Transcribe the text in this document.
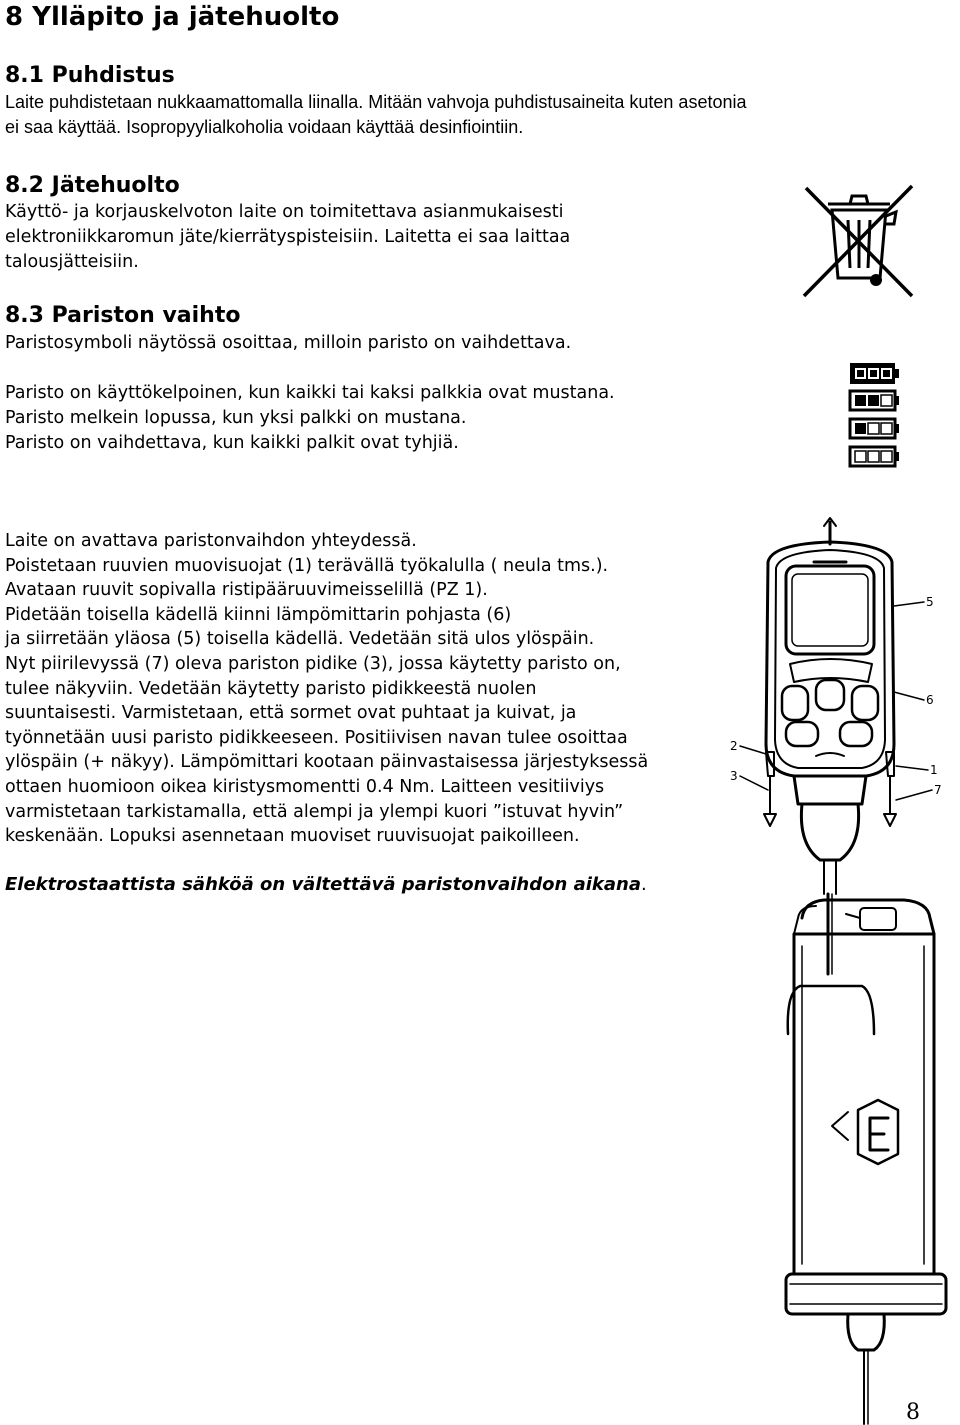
8 Ylläpito ja jätehuolto
8.1 Puhdistus
Laite puhdistetaan nukkaamattomalla liinalla. Mitään vahvoja puhdistusaineita kuten asetonia
ei saa käyttää. Isopropyylialkoholia voidaan käyttää desinfiointiin.
8.2 Jätehuolto
Käyttö- ja korjauskelvoton laite on toimitettava asianmukaisesti
elektroniikkaromun jäte/kierrätyspisteisiin. Laitetta ei saa laittaa
talousjätteisiin.
8.3 Pariston vaihto
Paristosymboli näytössä osoittaa, milloin paristo on vaihdettava.
Paristo on käyttökelpoinen, kun kaikki tai kaksi palkkia ovat mustana.
Paristo melkein lopussa, kun yksi palkki on mustana.
Paristo on vaihdettava, kun kaikki palkit ovat tyhjiä.
Laite on avattava paristonvaihdon yhteydessä.
Poistetaan ruuvien muovisuojat (1) terävällä työkalulla ( neula tms.).
Avataan ruuvit sopivalla ristipääruuvimeisselillä (PZ 1).
Pidetään toisella kädellä kiinni lämpömittarin pohjasta (6)
ja siirretään yläosa (5) toisella kädellä. Vedetään sitä ulos ylöspäin.
Nyt piirilevyssä (7) oleva pariston pidike (3), jossa käytetty paristo on,
tulee näkyviin. Vedetään käytetty paristo pidikkeestä nuolen
suuntaisesti. Varmistetaan, että sormet ovat puhtaat ja kuivat, ja
työnnetään uusi paristo pidikkeeseen. Positiivisen navan tulee osoittaa
ylöspäin (+ näkyy). Lämpömittari kootaan päinvastaisessa järjestyksessä
ottaen huomioon oikea kiristysmomentti 0.4 Nm. Laitteen vesitiiviys
varmistetaan tarkistamalla, että alempi ja ylempi kuori ”istuvat hyvin”
keskenään. Lopuksi asennetaan muoviset ruuvisuojat paikoilleen.
Elektrostaattista sähköä on vältettävä paristonvaihdon aikana.
5
6
2
3	1
7
8
